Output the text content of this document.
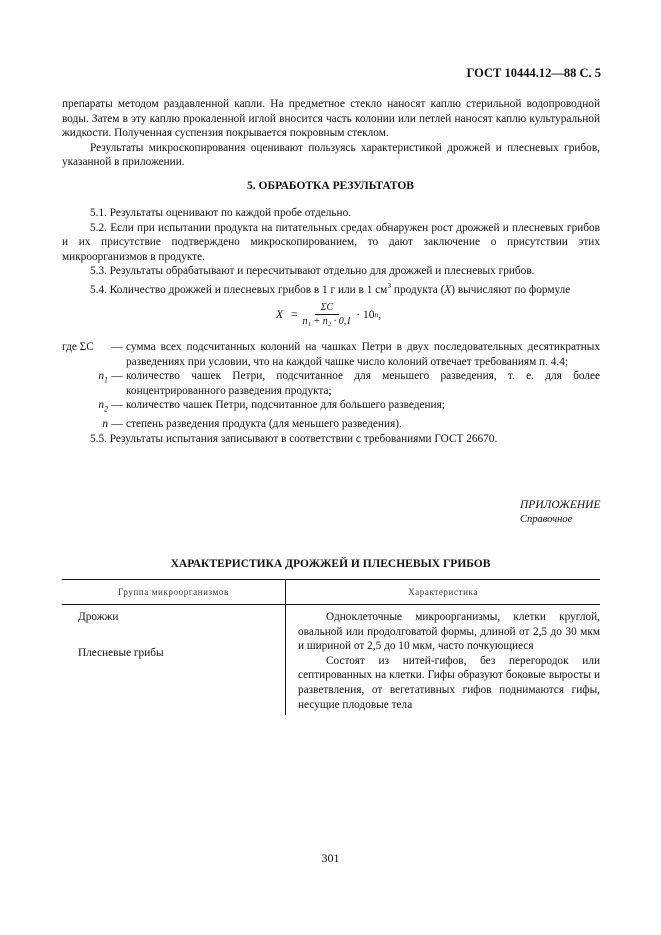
ГОСТ 10444.12—88 С. 5

препараты методом раздавленной капли. На предметное стекло наносят каплю стерильной водопроводной воды. Затем в эту каплю прокаленной иглой вносится часть колонии или петлей наносят каплю культуральной жидкости. Полученная суспензия покрывается покровным стеклом.

Результаты микроскопирования оценивают пользуясь характеристикой дрожжей и плесневых грибов, указанной в приложении.

5. ОБРАБОТКА РЕЗУЛЬТАТОВ

5.1. Результаты оценивают по каждой пробе отдельно.

5.2. Если при испытании продукта на питательных средах обнаружен рост дрожжей и плесневых грибов и их присутствие подтверждено микроскопированием, то дают заключение о присутствии этих микроорганизмов в продукте.

5.3. Результаты обрабатывают и пересчитывают отдельно для дрожжей и плесневых грибов.

5.4. Количество дрожжей и плесневых грибов в 1 г или в 1 $см^3$ продукта (X) вычисляют по формуле

$X = \frac{\Sigma C}{\text{n₁ + n₂ · 0,1}} \cdot 10$ n ,
где ΣC	— сумма всех подсчитанных колоний на чашках Петри в двух последовательных десятикратных разведениях при условии, что на каждой чашке число колоний отвечает требованиям п. 4.4;
$n_1$ — количество чашек Петри, подсчитанное для меньшего разведения, т. е. для более концентрированного разведения продукта;
$n_2$ — количество чашек Петри, подсчитанное для большего разведения;
n — степень разведения продукта (для меньшего разведения).

5.5. Результаты испытания записывают в соответствии с требованиями ГОСТ 26670.

ПРИЛОЖЕНИЕ
Справочное
ХАРАКТЕРИСТИКА ДРОЖЖЕЙ И ПЛЕСНЕВЫХ ГРИБОВ
Группа микроорганизмов	Характеристика
Дрожжи
Плесневые грибы
Одноклеточные микроорганизмы, клетки круглой, овальной или продолговатой формы, длиной от 2,5 до 30 мкм и шириной от 2,5 до 10 мкм, часто почкующиеся
Состоят из нитей-гифов, без перегородок или септированных на клетки. Гифы образуют боковые выросты и разветвления, от вегетативных гифов поднимаются гифы, несущие плодовые тела
301
